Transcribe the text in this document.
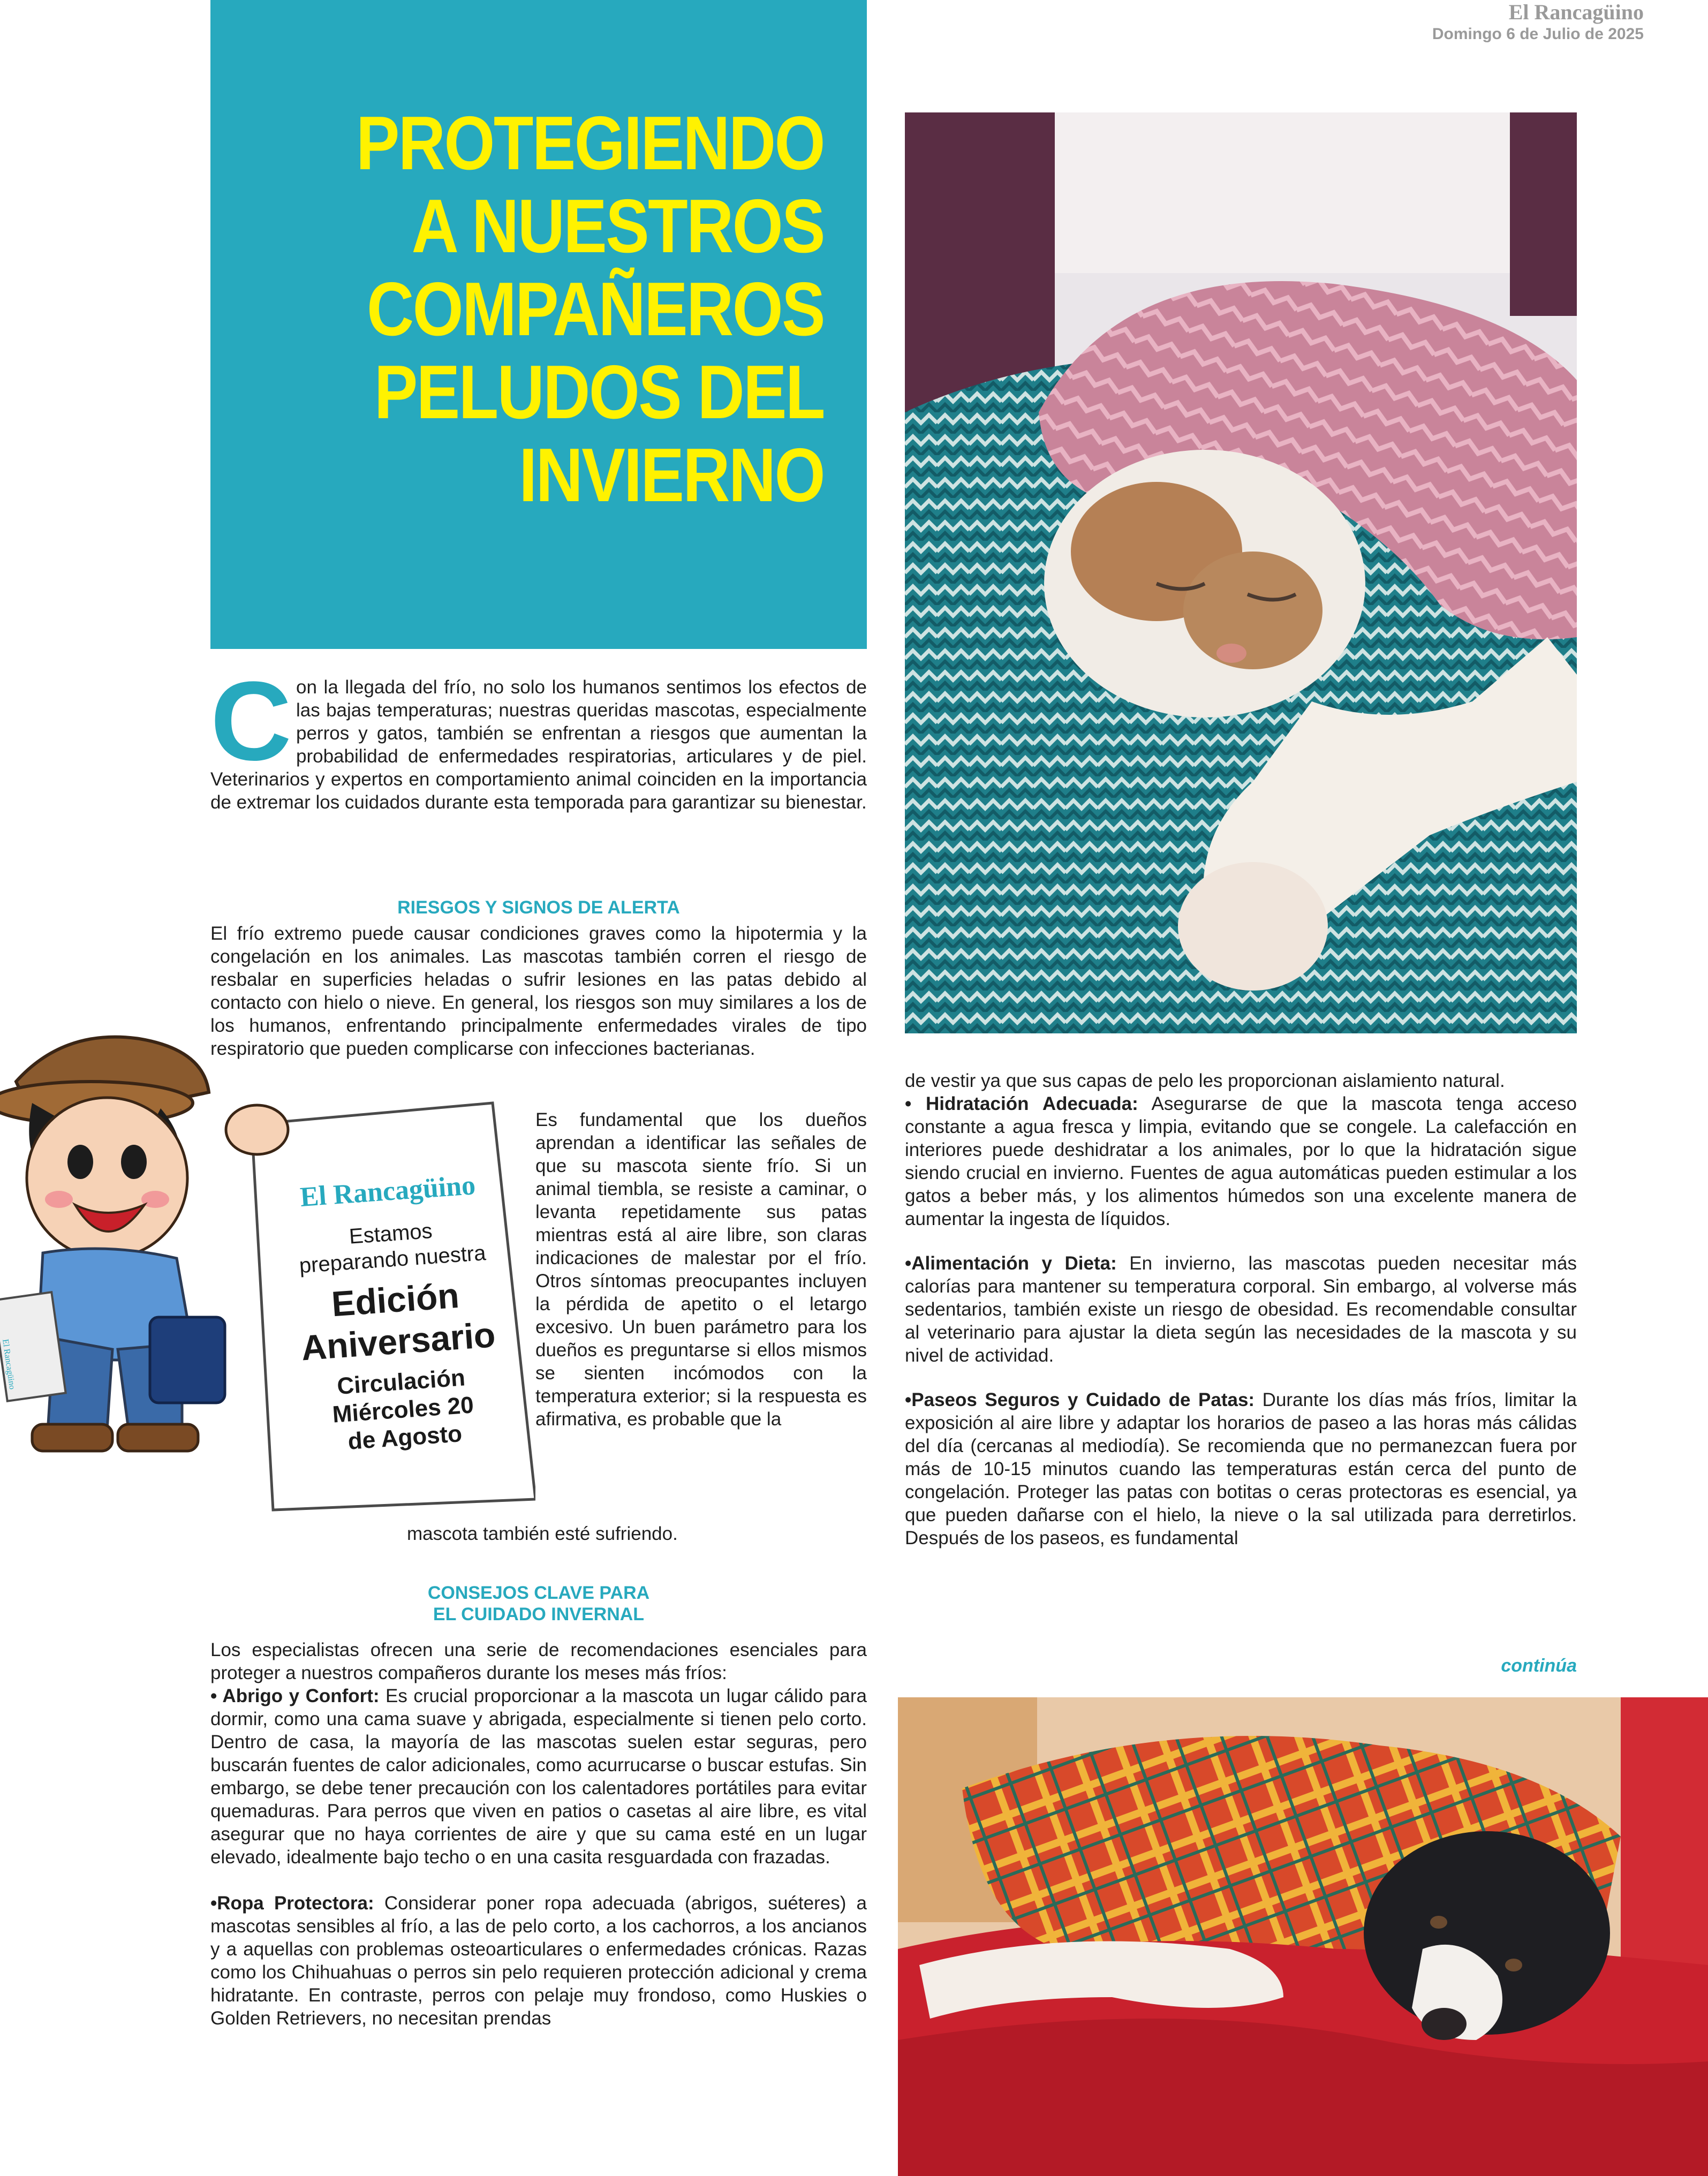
El Rancagüino
Domingo 6 de Julio de 2025
PROTEGIENDO
A NUESTROS
COMPAÑEROS
PELUDOS DEL
INVIERNO
C on la llegada del frío, no solo los humanos sentimos los efectos de las bajas temperaturas; nuestras queridas mascotas, especialmente perros y gatos, también se enfrentan a riesgos que aumentan la probabilidad de enfermedades respiratorias, articulares y de piel. Veterinarios y expertos en comportamiento animal coinciden en la importancia de extremar los cuidados durante esta temporada para garantizar su bienestar.

RIESGOS Y SIGNOS DE ALERTA

El frío extremo puede causar condiciones graves como la hipotermia y la congelación en los animales. Las mascotas también corren el riesgo de resbalar en superficies heladas o sufrir lesiones en las patas debido al contacto con hielo o nieve. En general, los riesgos son muy similares a los de los humanos, enfrentando principalmente enfermedades virales de tipo respiratorio que pueden complicarse con infecciones bacterianas.

Es fundamental que los dueños aprendan a identificar las señales de que su mascota siente frío. Si un animal tiembla, se resiste a caminar, o levanta repetidamente sus patas mientras está al aire libre, son claras indicaciones de malestar por el frío. Otros síntomas preocupantes incluyen la pérdida de apetito o el letargo excesivo. Un buen parámetro para los dueños es preguntarse si ellos mismos se sienten incómodos con la temperatura exterior; si la respuesta es afirmativa, es probable que la

mascota también esté sufriendo.

CONSEJOS CLAVE PARA
EL CUIDADO INVERNAL

Los especialistas ofrecen una serie de recomendaciones esenciales para proteger a nuestros compañeros durante los meses más fríos:

• Abrigo y Confort: Es crucial proporcionar a la mascota un lugar cálido para dormir, como una cama suave y abrigada, especialmente si tienen pelo corto. Dentro de casa, la mayoría de las mascotas suelen estar seguras, pero buscarán fuentes de calor adicionales, como acurrucarse o buscar estufas. Sin embargo, se debe tener precaución con los calentadores portátiles para evitar quemaduras. Para perros que viven en patios o casetas al aire libre, es vital asegurar que no haya corrientes de aire y que su cama esté en un lugar elevado, idealmente bajo techo o en una casita resguardada con frazadas.

•Ropa Protectora: Considerar poner ropa adecuada (abrigos, suéteres) a mascotas sensibles al frío, a las de pelo corto, a los cachorros, a los ancianos y a aquellas con problemas osteoarticulares o enfermedades crónicas. Razas como los Chihuahuas o perros sin pelo requieren protección adicional y crema hidratante. En contraste, perros con pelaje muy frondoso, como Huskies o Golden Retrievers, no necesitan prendas

de vestir ya que sus capas de pelo les proporcionan aislamiento natural.

• Hidratación Adecuada: Asegurarse de que la mascota tenga acceso constante a agua fresca y limpia, evitando que se congele. La calefacción en interiores puede deshidratar a los animales, por lo que la hidratación sigue siendo crucial en invierno. Fuentes de agua automáticas pueden estimular a los gatos a beber más, y los alimentos húmedos son una excelente manera de aumentar la ingesta de líquidos.

•Alimentación y Dieta: En invierno, las mascotas pueden necesitar más calorías para mantener su temperatura corporal. Sin embargo, al volverse más sedentarios, también existe un riesgo de obesidad. Es recomendable consultar al veterinario para ajustar la dieta según las necesidades de la mascota y su nivel de actividad.

•Paseos Seguros y Cuidado de Patas: Durante los días más fríos, limitar la exposición al aire libre y adaptar los horarios de paseo a las horas más cálidas del día (cercanas al mediodía). Se recomienda que no permanezcan fuera por más de 10-15 minutos cuando las temperaturas están cerca del punto de congelación. Proteger las patas con botitas o ceras protectoras es esencial, ya que pueden dañarse con el hielo, la nieve o la sal utilizada para derretirlos. Después de los paseos, es fundamental

continúa
El Rancagüino
Estamos
preparando nuestra
Edición
Aniversario
Circulación
Miércoles 20
de Agosto
El Rancagüino
